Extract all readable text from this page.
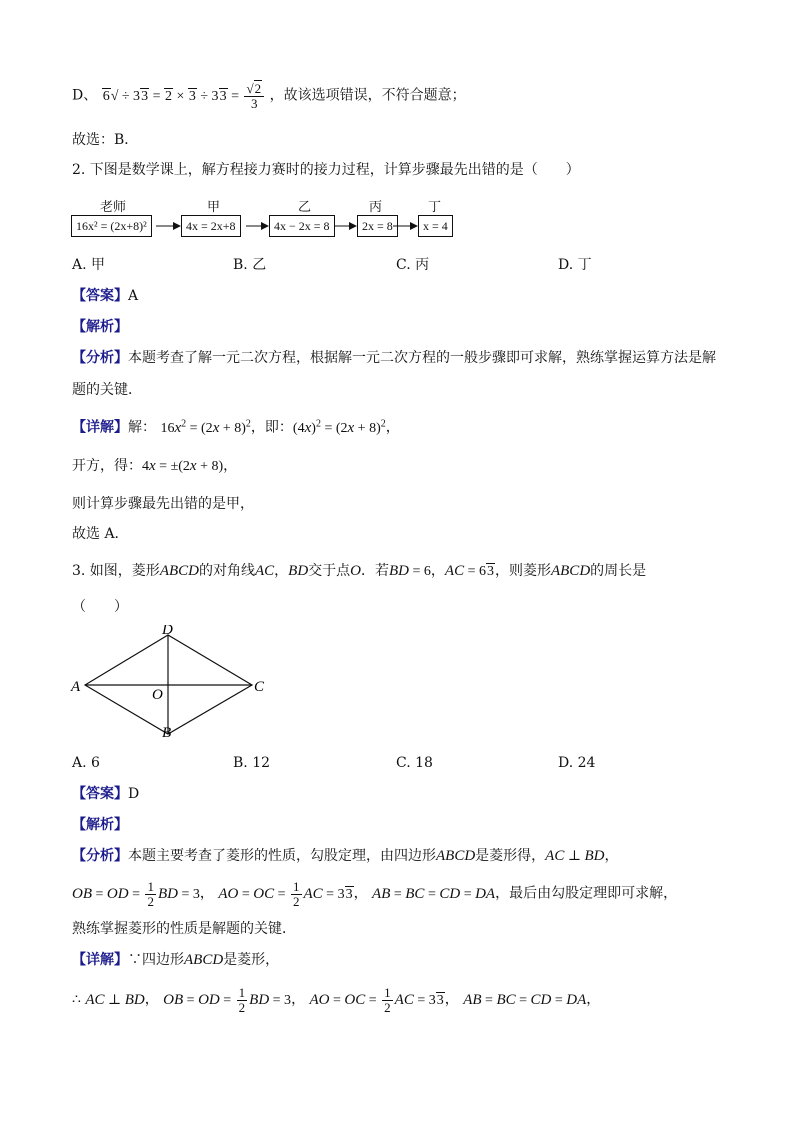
D、 $6√ \div 33 = 2 \times 3 \div 33 = \frac{√2}{3}$ ，故该选项错误，不符合题意；
故选：B．
2. 下图是数学课上，解方程接力赛时的接力过程，计算步骤最先出错的是（　　）
老师	甲	乙	丙	丁
16x² = (2x+8)²	4x = 2x+8	4x − 2x = 8	2x = 8	x = 4
A. 甲	B. 乙	C. 丙	D. 丁
【答案】A
【解析】
【分析】本题考查了解一元二次方程，根据解一元二次方程的一般步骤即可求解，熟练掌握运算方法是解
题的关键．
【详解】解： $16x^2 = (2x + 8)^2$，即：$(4x)^2 = (2x + 8)^2$，
开方，得：4x = ±(2x + 8)，
则计算步骤最先出错的是甲，
故选 A．
3. 如图，菱形ABCD的对角线AC，BD交于点O．若BD = 6，AC = 63，则菱形ABCD的周长是
（　　）
A
D
C
B
O
A. 6	B. 12	C. 18	D. 24
【答案】D
【解析】
【分析】本题主要考查了菱形的性质，勾股定理，由四边形ABCD是菱形得，AC ⊥ BD，
OB = OD = $\frac{1}{2}$ BD = 3， AO = OC = $\frac{1}{2}$ AC = 33， AB = BC = CD = DA，最后由勾股定理即可求解，
熟练掌握菱形的性质是解题的关键．
【详解】∵四边形ABCD是菱形，
∴ AC ⊥ BD， OB = OD = $\frac{1}{2}$ BD = 3， AO = OC = $\frac{1}{2}$ AC = 33， AB = BC = CD = DA，
